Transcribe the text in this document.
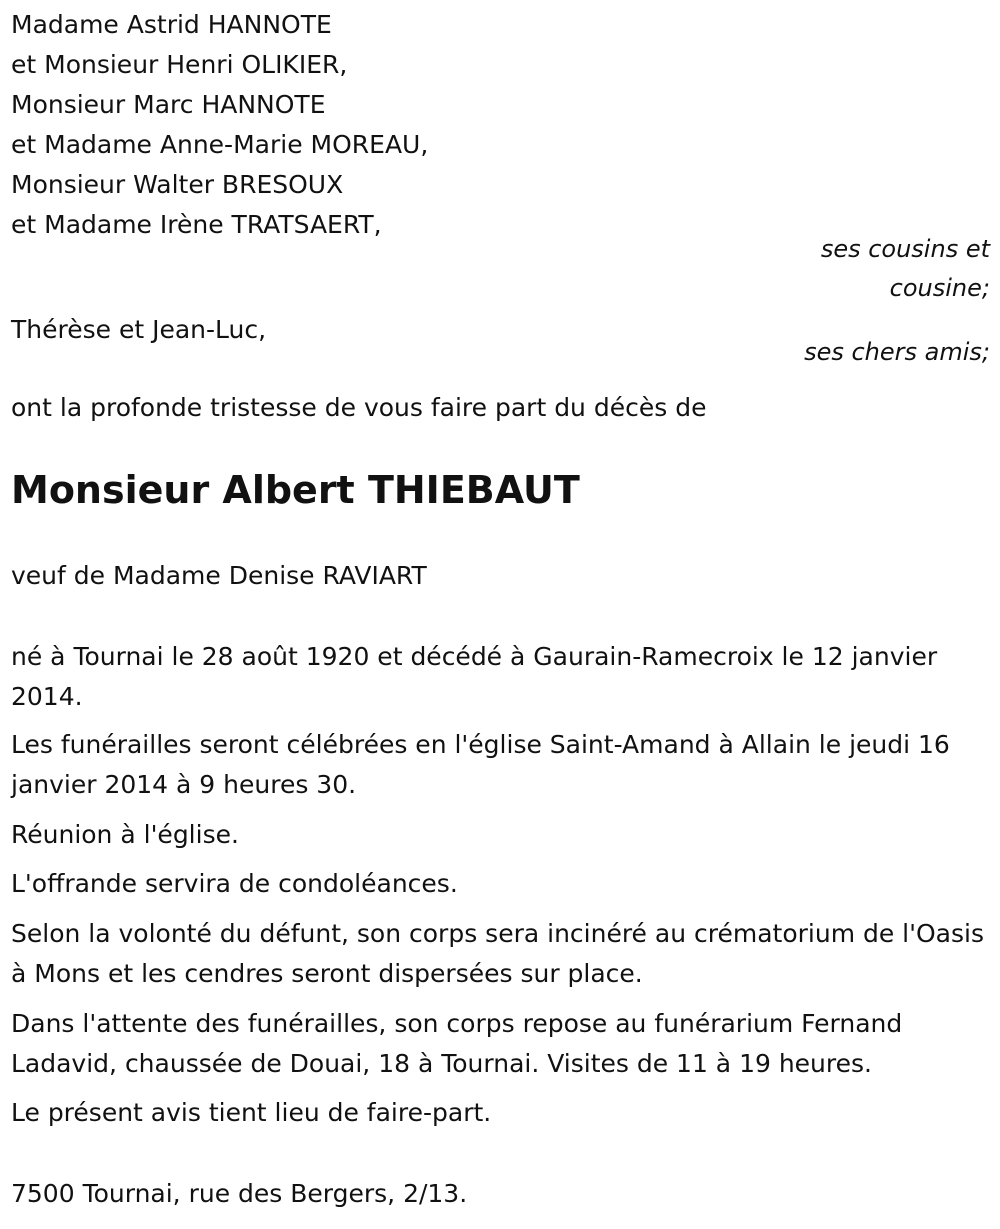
Madame Astrid HANNOTE

et Monsieur Henri OLIKIER,

Monsieur Marc HANNOTE

et Madame Anne-Marie MOREAU,

Monsieur Walter BRESOUX

et Madame Irène TRATSAERT,

ses cousins et

cousine;

Thérèse et Jean-Luc,

ses chers amis;

ont la profonde tristesse de vous faire part du décès de

Monsieur Albert THIEBAUT

veuf de Madame Denise RAVIART

né à Tournai le 28 août 1920 et décédé à Gaurain-Ramecroix le 12 janvier 2014.

Les funérailles seront célébrées en l'église Saint-Amand à Allain le jeudi 16 janvier 2014 à 9 heures 30.

Réunion à l'église.

L'offrande servira de condoléances.

Selon la volonté du défunt, son corps sera incinéré au crématorium de l'Oasis à Mons et les cendres seront dispersées sur place.

Dans l'attente des funérailles, son corps repose au funérarium Fernand Ladavid, chaussée de Douai, 18 à Tournai. Visites de 11 à 19 heures.

Le présent avis tient lieu de faire-part.

7500 Tournai, rue des Bergers, 2/13.
